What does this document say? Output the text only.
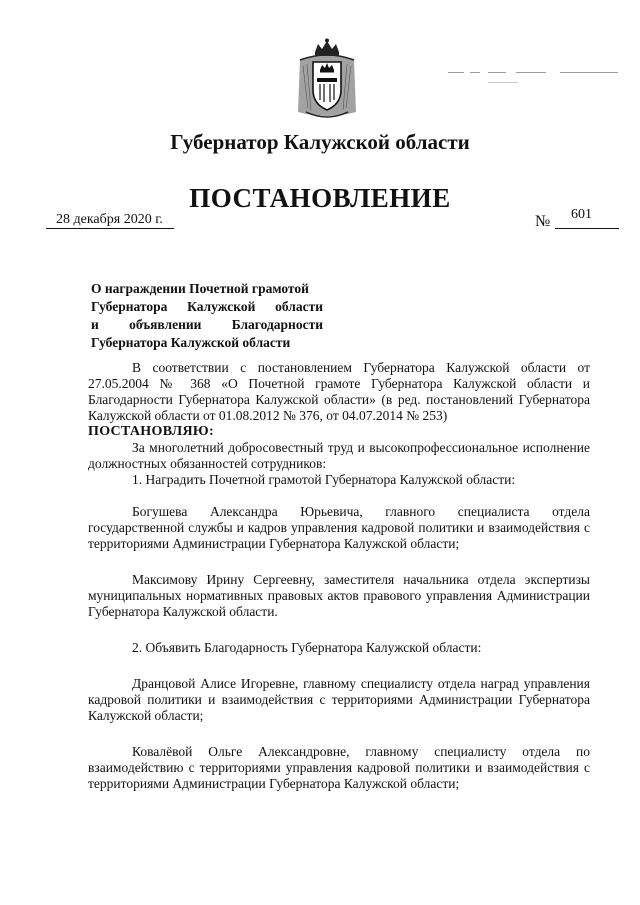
Губернатор Калужской области
ПОСТАНОВЛЕНИЕ
28 декабря 2020 г.	№ 601
О награждении Почетной грамотой
Губернатора Калужской области
и объявлении Благодарности
Губернатора Калужской области

В соответствии с постановлением Губернатора Калужской области от 27.05.2004 № 368 «О Почетной грамоте Губернатора Калужской области и Благодарности Губернатора Калужской области» (в ред. постановлений Губернатора Калужской области от 01.08.2012 № 376, от 04.07.2014 № 253)

ПОСТАНОВЛЯЮ:

За многолетний добросовестный труд и высокопрофессиональное исполнение должностных обязанностей сотрудников:

1. Наградить Почетной грамотой Губернатора Калужской области:

Богушева Александра Юрьевича, главного специалиста отдела государственной службы и кадров управления кадровой политики и взаимодействия с территориями Администрации Губернатора Калужской области;

Максимову Ирину Сергеевну, заместителя начальника отдела экспертизы муниципальных нормативных правовых актов правового управления Администрации Губернатора Калужской области.

2. Объявить Благодарность Губернатора Калужской области:

Дранцовой Алисе Игоревне, главному специалисту отдела наград управления кадровой политики и взаимодействия с территориями Администрации Губернатора Калужской области;

Ковалёвой Ольге Александровне, главному специалисту отдела по взаимодействию с территориями управления кадровой политики и взаимодействия с территориями Администрации Губернатора Калужской области;
